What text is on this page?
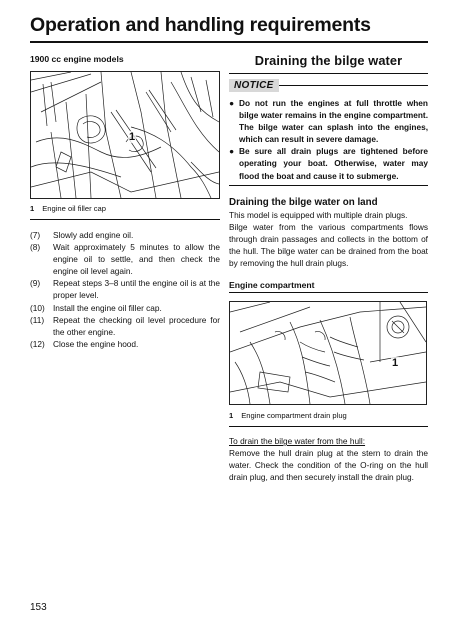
Operation and handling requirements
1900 cc engine models
1
1 Engine oil filler cap
(7)	Slowly add engine oil.
(8)	Wait approximately 5 minutes to allow the engine oil to settle, and then check the engine oil level again.
(9)	Repeat steps 3–8 until the engine oil is at the proper level.
(10) Install the engine oil filler cap.
(11)	Repeat the checking oil level procedure for the other engine.
(12) Close the engine hood.
Draining the bilge water
NOTICE
● Do not run the engines at full throttle when bilge water remains in the engine compartment. The bilge water can splash into the engines, which can result in severe damage.
● Be sure all drain plugs are tightened before operating your boat. Otherwise, water may flood the boat and cause it to submerge.
Draining the bilge water on land
This model is equipped with multiple drain plugs.
Bilge water from the various compartments flows through drain passages and collects in the bottom of the hull. The bilge water can be drained from the boat by removing the hull drain plugs.
Engine compartment
1
1 Engine compartment drain plug
To drain the bilge water from the hull:
Remove the hull drain plug at the stern to drain the water. Check the condition of the O-ring on the hull drain plug, and then securely install the drain plug.
153
